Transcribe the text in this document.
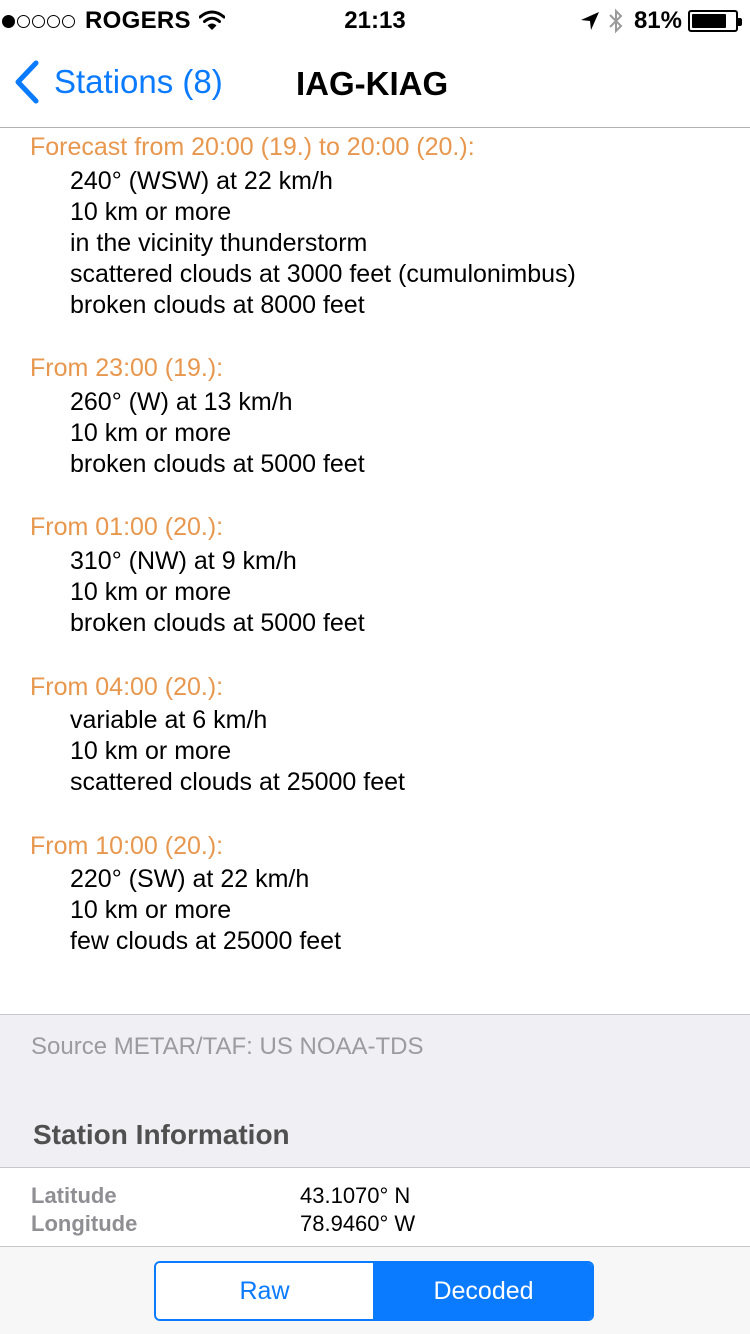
ROGERS	21:13	81%
Stations (8) IAG-KIAG
Forecast from 20:00 (19.) to 20:00 (20.):
240° (WSW) at 22 km/h
10 km or more
in the vicinity thunderstorm
scattered clouds at 3000 feet (cumulonimbus)
broken clouds at 8000 feet
From 23:00 (19.):
260° (W) at 13 km/h
10 km or more
broken clouds at 5000 feet
From 01:00 (20.):
310° (NW) at 9 km/h
10 km or more
broken clouds at 5000 feet
From 04:00 (20.):
variable at 6 km/h
10 km or more
scattered clouds at 25000 feet
From 10:00 (20.):
220° (SW) at 22 km/h
10 km or more
few clouds at 25000 feet
Source METAR/TAF: US NOAA-TDS
Station Information
Latitude	43.1070° N
Longitude	78.9460° W
Raw	Decoded
